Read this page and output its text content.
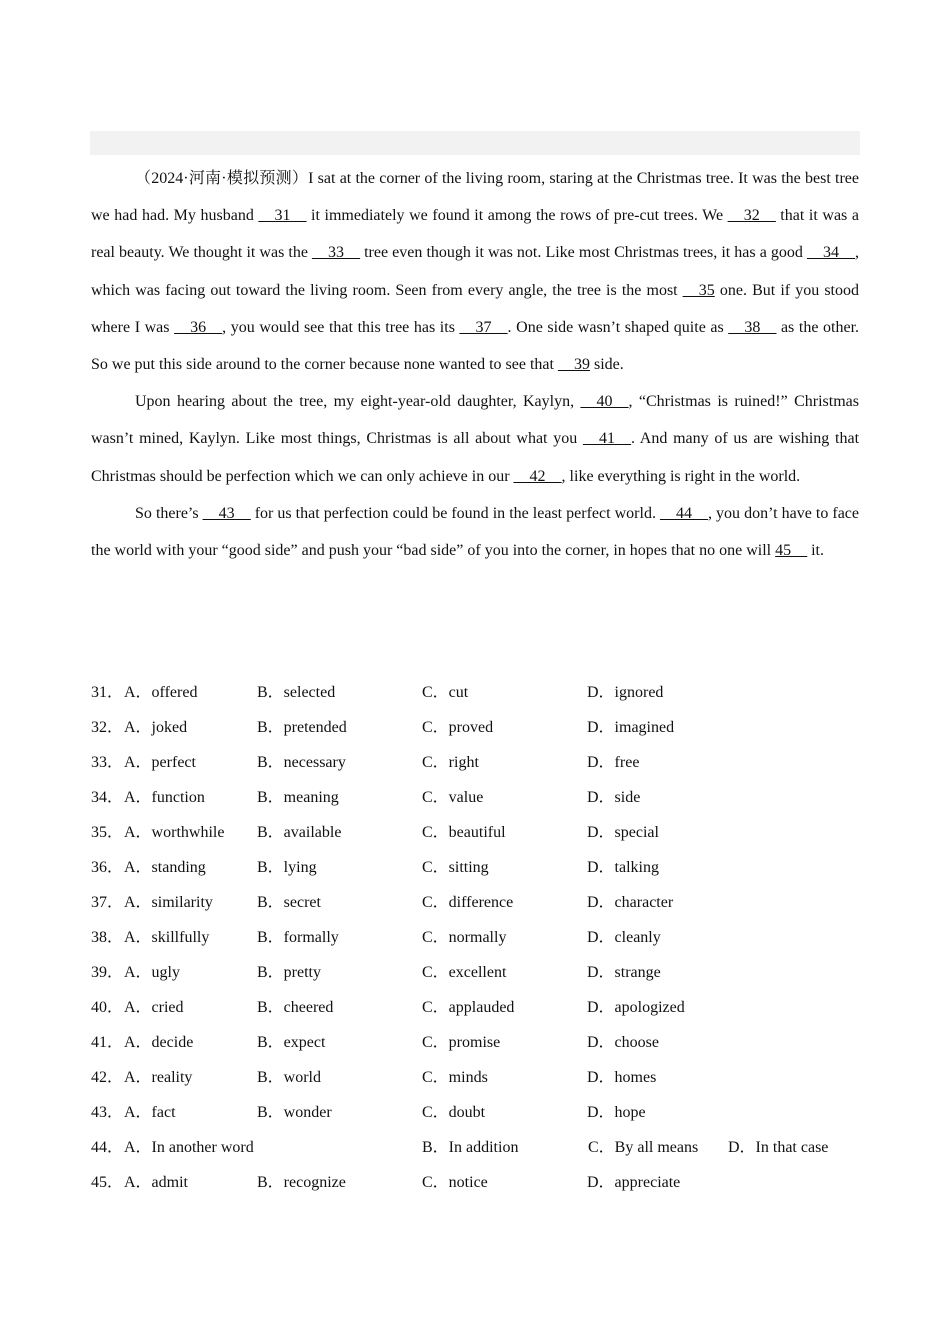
（2024·河南·模拟预测）I sat at the corner of the living room, staring at the Christmas tree. It was the best tree we had had. My husband __31__ it immediately we found it among the rows of pre-cut trees. We __32__ that it was a real beauty. We thought it was the __33__ tree even though it was not. Like most Christmas trees, it has a good __34__, which was facing out toward the living room. Seen from every angle, the tree is the most __35 one. But if you stood where I was __36__, you would see that this tree has its __37__. One side wasn’t shaped quite as __38__ as the other. So we put this side around to the corner because none wanted to see that __39 side.

Upon hearing about the tree, my eight-year-old daughter, Kaylyn, __40__, “Christmas is ruined!” Christmas wasn’t mined, Kaylyn. Like most things, Christmas is all about what you __41__. And many of us are wishing that Christmas should be perfection which we can only achieve in our __42__, like everything is right in the world.

So there’s __43__ for us that perfection could be found in the least perfect world. __44__, you don’t have to face the world with your “good side” and push your “bad side” of you into the corner, in hopes that no one will 45__ it.

31． A．offered	B．selected	C．cut	D．ignored
32． A．joked	B．pretended	C．proved	D．imagined
33． A．perfect	B．necessary	C．right	D．free
34． A．function	B．meaning	C．value	D．side
35． A．worthwhile B．available	C．beautiful	D．special
36． A．standing	B．lying	C．sitting	D．talking
37． A．similarity	B．secret	C．difference	D．character
38． A．skillfully	B．formally	C．normally	D．cleanly
39． A．ugly	B．pretty	C．excellent	D．strange
40． A．cried	B．cheered	C．applauded	D．apologized
41． A．decide	B．expect	C．promise	D．choose
42． A．reality	B．world	C．minds	D．homes
43． A．fact	B．wonder	C．doubt	D．hope
44． A．In another word	B．In addition	C．By all means D．In that case
45． A．admit	B．recognize	C．notice	D．appreciate
